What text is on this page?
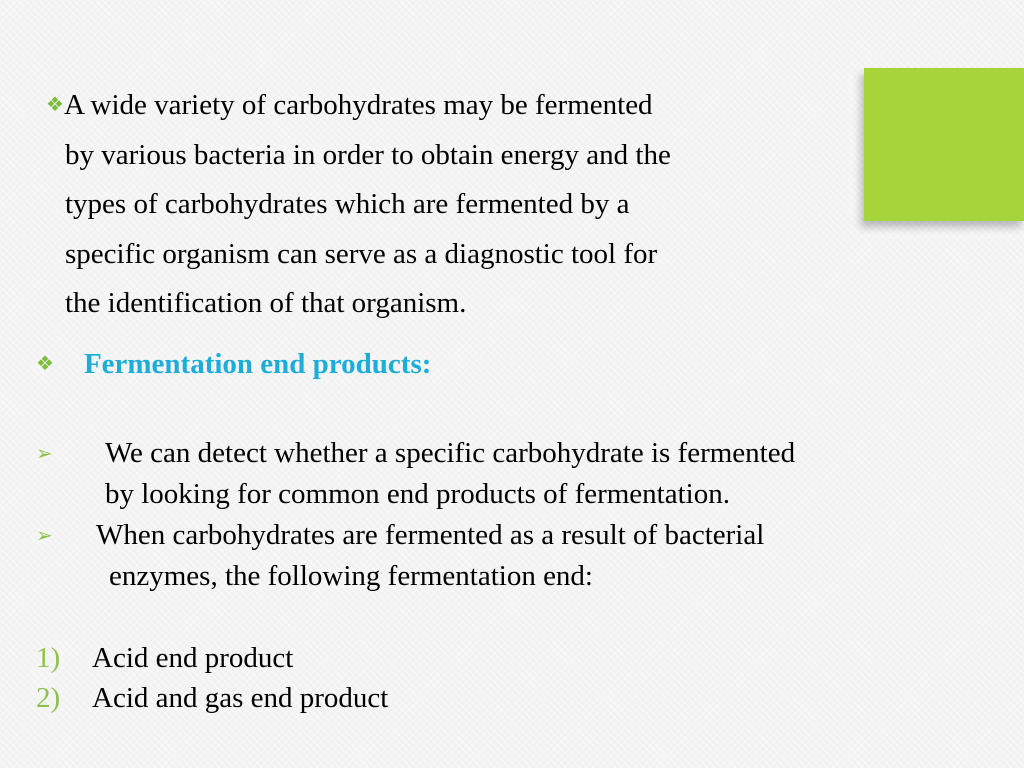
❖A wide variety of carbohydrates may be fermented
by various bacteria in order to obtain energy and the
types of carbohydrates which are fermented by a
specific organism can serve as a diagnostic tool for
the identification of that organism.
❖ Fermentation end products:
➢	We can detect whether a specific carbohydrate is fermented
by looking for common end products of fermentation.
➢	When carbohydrates are fermented as a result of bacterial
enzymes, the following fermentation end:
1) Acid end product
2) Acid and gas end product
